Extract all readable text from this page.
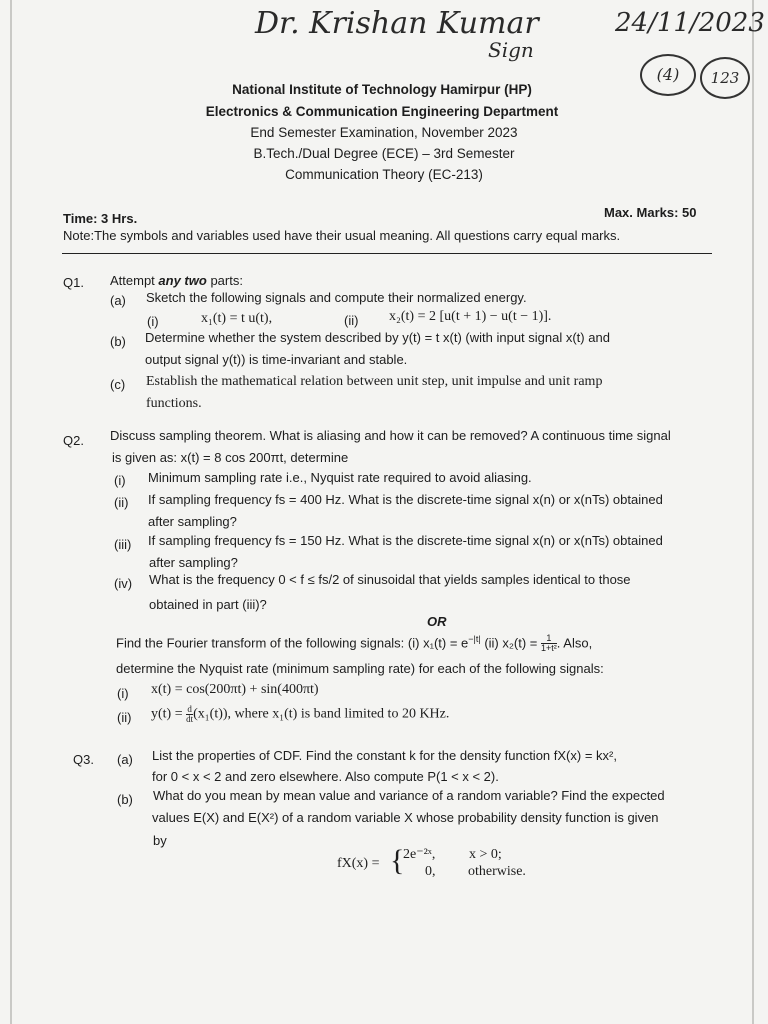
Dr. Krishan Kumar
Sign
24/11/2023
(4)	123
National Institute of Technology Hamirpur (HP)
Electronics & Communication Engineering Department
End Semester Examination, November 2023
B.Tech./Dual Degree (ECE) – 3rd Semester
Communication Theory (EC-213)
Time: 3 Hrs.	Max. Marks: 50
Note:The symbols and variables used have their usual meaning. All questions carry equal marks.
Q1. Attempt any two parts:
(a) Sketch the following signals and compute their normalized energy.
(i)	x₁(t) = t u(t),	(ii) x₂(t) = 2 [u(t + 1) − u(t − 1)].
(b) Determine whether the system described by y(t) = t x(t) (with input signal x(t) and
output signal y(t)) is time-invariant and stable.
(c) Establish the mathematical relation between unit step, unit impulse and unit ramp
functions.
Q2. Discuss sampling theorem. What is aliasing and how it can be removed? A continuous time signal
is given as: x(t) = 8 cos 200πt, determine
(i) Minimum sampling rate i.e., Nyquist rate required to avoid aliasing.
(ii) If sampling frequency fs = 400 Hz. What is the discrete-time signal x(n) or x(nTs) obtained
after sampling?
(iii) If sampling frequency fs = 150 Hz. What is the discrete-time signal x(n) or x(nTs) obtained
after sampling?
(iv) What is the frequency 0 < f ≤ fs/2 of sinusoidal that yields samples identical to those
obtained in part (iii)?
OR
Find the Fourier transform of the following signals: (i) $x_1(t) = e^{-|t|}$ (ii) $x_2(t) = \frac{1}{\text{1+t²}}$ . Also,
determine the Nyquist rate (minimum sampling rate) for each of the following signals:
(i) x(t) = cos(200πt) + sin(400πt)
(ii) $y(t) = \frac{d}{dt} (x_1(t))$, where x₁(t) is band limited to 20 KHz.
Q3. (a) List the properties of CDF. Find the constant k for the density function fX(x) = kx²,
for 0 < x < 2 and zero elsewhere. Also compute P(1 < x < 2).
(b) What do you mean by mean value and variance of a random variable? Find the expected
values E(X) and E(X²) of a random variable X whose probability density function is given
by
fX(x) = {
2e⁻²ˣ, x > 0;
0, otherwise.
